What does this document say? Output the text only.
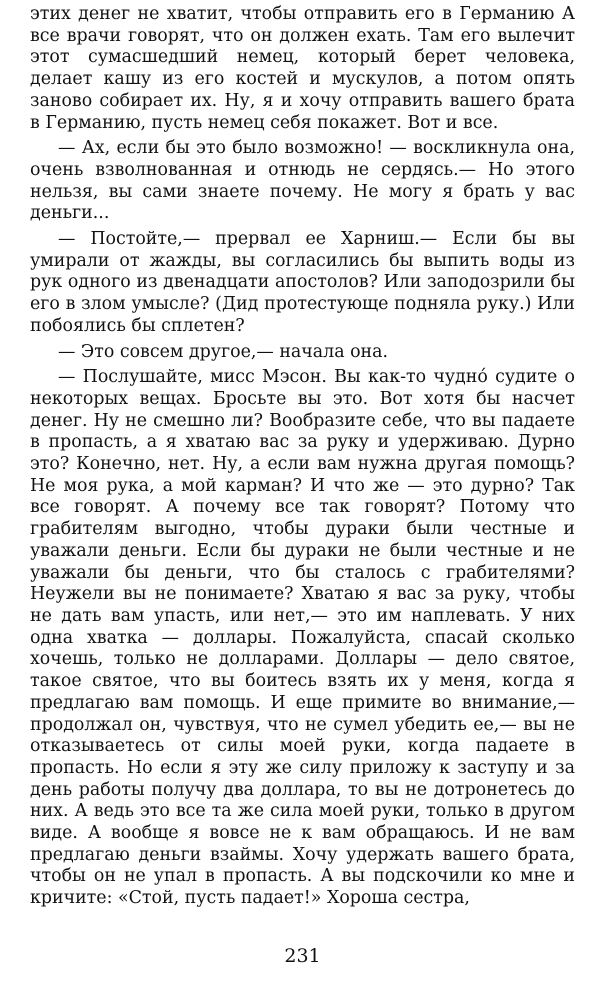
этих денег не хватит, чтобы отправить его в Германию А все врачи говорят, что он должен ехать. Там его вылечит этот сумасшедший немец, который берет человека, делает кашу из его костей и мускулов, а потом опять заново собирает их. Ну, я и хочу отправить вашего брата в Германию, пусть немец себя покажет. Вот и все.

— Ах, если бы это было возможно! — воскликнула она, очень взволнованная и отнюдь не сердясь.— Но этого нельзя, вы сами знаете почему. Не могу я брать у вас деньги...

— Постойте,— прервал ее Харниш.— Если бы вы умирали от жажды, вы согласились бы выпить воды из рук одного из двенадцати апостолов? Или заподозрили бы его в злом умысле? (Дид протестующе подняла руку.) Или побоялись бы сплетен?

— Это совсем другое,— начала она.

— Послушайте, мисс Мэсон. Вы как-то чудно́ судите о некоторых вещах. Бросьте вы это. Вот хотя бы насчет денег. Ну не смешно ли? Вообразите себе, что вы падаете в пропасть, а я хватаю вас за руку и удерживаю. Дурно это? Конечно, нет. Ну, а если вам нужна другая помощь? Не моя рука, а мой карман? И что же — это дурно? Так все говорят. А почему все так говорят? Потому что грабителям выгодно, чтобы дураки были честные и уважали деньги. Если бы дураки не были честные и не уважали бы деньги, что бы сталось с грабителями? Неужели вы не понимаете? Хватаю я вас за руку, чтобы не дать вам упасть, или нет,— это им наплевать. У них одна хватка — доллары. Пожалуйста, спасай сколько хочешь, только не долларами. Доллары — дело святое, такое святое, что вы боитесь взять их у меня, когда я предлагаю вам помощь. И еще примите во внимание,— продолжал он, чувствуя, что не сумел убедить ее,— вы не отказываетесь от силы моей руки, когда падаете в пропасть. Но если я эту же силу приложу к заступу и за день работы получу два доллара, то вы не дотронетесь до них. А ведь это все та же сила моей руки, только в другом виде. А вообще я вовсе не к вам обращаюсь. И не вам предлагаю деньги взаймы. Хочу удержать вашего брата, чтобы он не упал в пропасть. А вы подскочили ко мне и кричите: «Стой, пусть падает!» Хороша сестра,

231
